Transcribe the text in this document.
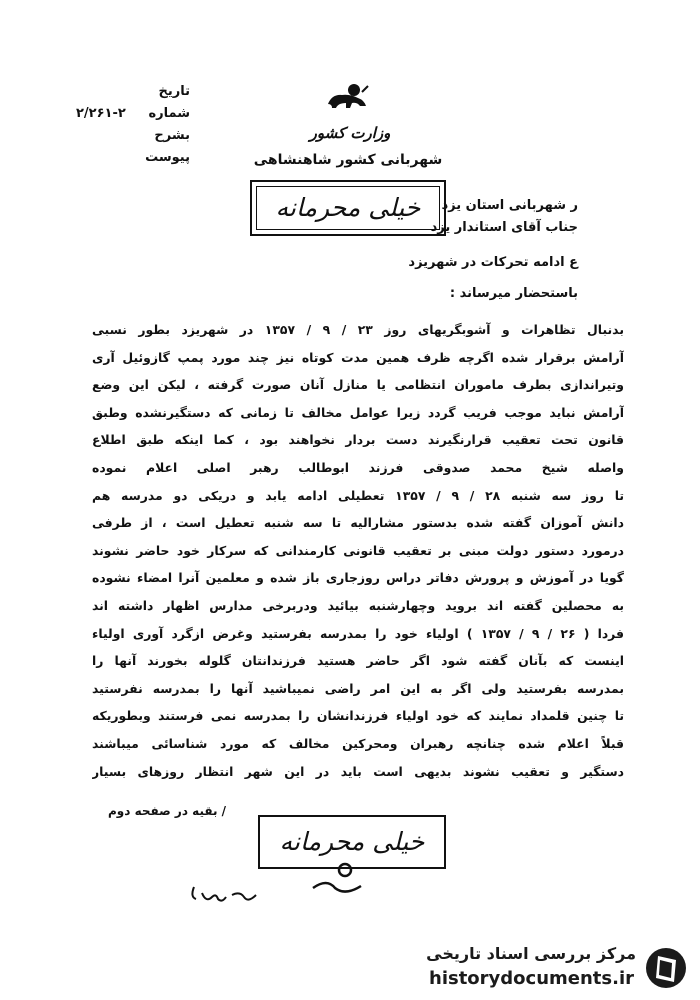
تاریخ
شماره
۲/۲۶۱-۲
بشرح
پیوست
وزارت کشور
شهربانی کشور شاهنشاهی
خیلی محرمانه	ر شهربانی استان یزد
جناب آقای استاندار یزد
ع ادامه تحرکات در شهریزد
باستحضار میرساند :
بدنبال تظاهرات و آشوبگریهای روز ۲۳ / ۹ / ۱۳۵۷ در شهریزد بطور نسبی
آرامش برقرار شده اگرچه ظرف همین مدت کوتاه نیز چند مورد پمپ گازوئیل آری
وتیراندازی بطرف ماموران انتظامی یا منازل آنان صورت گرفته ، لیکن این وضع
آرامش نباید موجب فریب گردد زیرا عوامل مخالف تا زمانی که دستگیرنشده وطبق
قانون تحت تعقیب قرارنگیرند دست بردار نخواهند بود ، کما اینکه طبق اطلاع
واصله شیخ محمد صدوقی فرزند ابوطالب رهبر اصلی اعلام نموده
تا روز سه شنبه ۲۸ / ۹ / ۱۳۵۷ تعطیلی ادامه یابد و دریکی دو مدرسه هم
دانش آموزان گفته شده بدستور مشارالیه تا سه شنبه تعطیل است ، از طرفی
درمورد دستور دولت مبنی بر تعقیب قانونی کارمندانی که سرکار خود حاضر نشوند
گویا در آموزش و پرورش دفاتر دراس روزجاری باز شده و معلمین آنرا امضاء نشوده
به محصلین گفته اند بروید وچهارشنبه بیائید ودربرخی مدارس اظهار داشته اند
فردا ( ۲۶ / ۹ / ۱۳۵۷ ) اولیاء خود را بمدرسه بفرستید وغرض ازگرد آوری اولیاء
اینست که بآنان گفته شود اگر حاضر هستید فرزندانتان گلوله بخورند آنها را
بمدرسه بفرستید ولی اگر به این امر راضی نمیباشید آنها را بمدرسه نفرستید
تا چنین قلمداد نمایند که خود اولیاء فرزندانشان را بمدرسه نمی فرستند وبطوریکه
قبلاً اعلام شده چنانچه رهبران ومحرکین مخالف که مورد شناسائی میباشند
دستگیر و تعقیب نشوند بدیهی است باید در این شهر انتظار روزهای بسیار
/ بقیه در صفحه دوم
خیلی محرمانه
مرکز بررسی اسناد تاریخی
historydocuments.ir
